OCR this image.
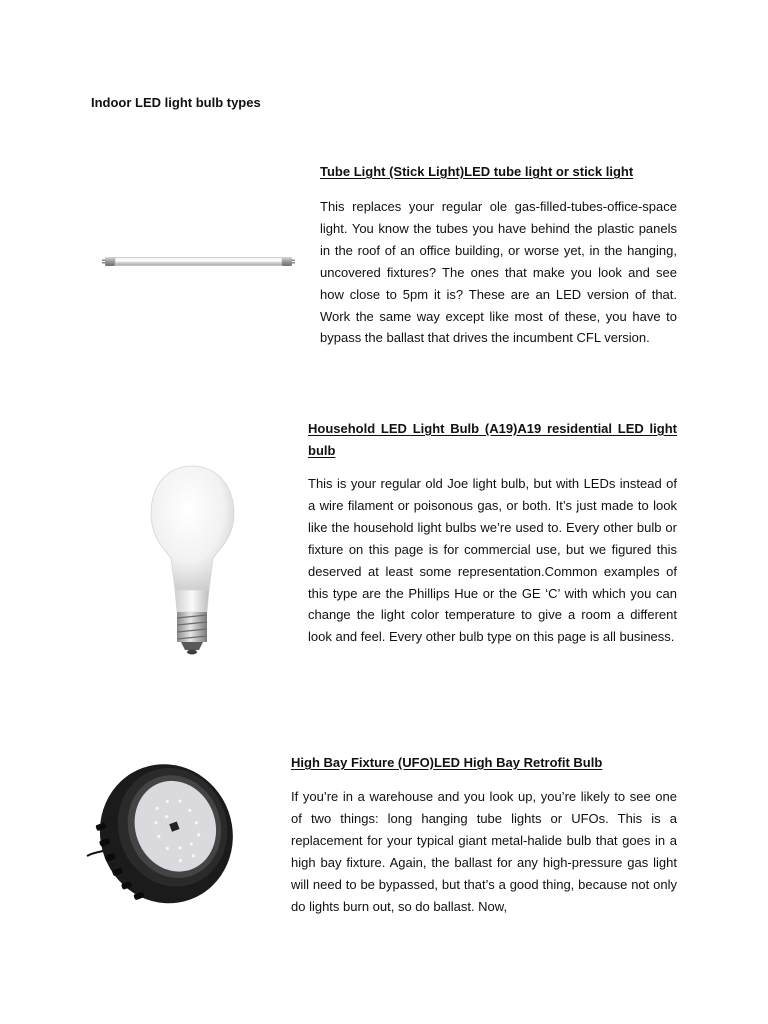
Indoor LED light bulb types
Tube Light (Stick Light)LED tube light or stick light

This replaces your regular ole gas-filled-tubes-office-space light. You know the tubes you have behind the plastic panels in the roof of an office building, or worse yet, in the hanging, uncovered fixtures? The ones that make you look and see how close to 5pm it is? These are an LED version of that. Work the same way except like most of these, you have to bypass the ballast that drives the incumbent CFL version.

Household LED Light Bulb (A19)A19 residential LED light bulb

This is your regular old Joe light bulb, but with LEDs instead of a wire filament or poisonous gas, or both. It’s just made to look like the household light bulbs we’re used to. Every other bulb or fixture on this page is for commercial use, but we figured this deserved at least some representation.Common examples of this type are the Phillips Hue or the GE ‘C’ with which you can change the light color temperature to give a room a different look and feel. Every other bulb type on this page is all business.

High Bay Fixture (UFO)LED High Bay Retrofit Bulb

If you’re in a warehouse and you look up, you’re likely to see one of two things: long hanging tube lights or UFOs. This is a replacement for your typical giant metal-halide bulb that goes in a high bay fixture. Again, the ballast for any high-pressure gas light will need to be bypassed, but that’s a good thing, because not only do lights burn out, so do ballast. Now,
